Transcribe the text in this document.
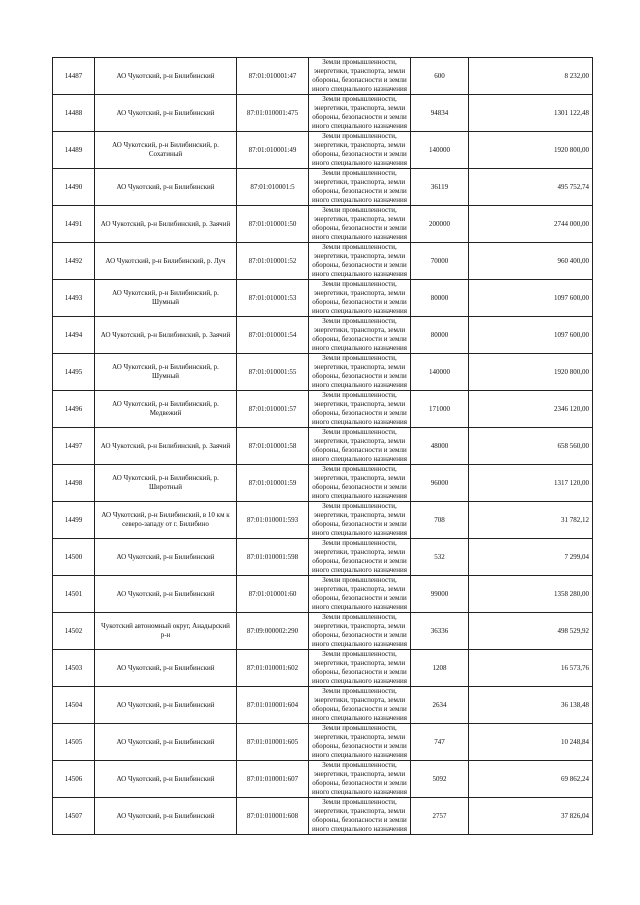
14487	АО Чукотский, р-н Билибинский	87:01:010001:47	Земли промышленности, энергетики, транспорта, земли обороны, безопасности и земли иного специального назначения	600	8 232,00
14488	АО Чукотский, р-н Билибинский	87:01:010001:475	Земли промышленности, энергетики, транспорта, земли обороны, безопасности и земли иного специального назначения	94834	1301 122,48
14489	АО Чукотский, р-н Билибинский, р. Сохатиный	87:01:010001:49	Земли промышленности, энергетики, транспорта, земли обороны, безопасности и земли иного специального назначения	140000	1920 800,00
14490	АО Чукотский, р-н Билибинский	87:01:010001:5	Земли промышленности, энергетики, транспорта, земли обороны, безопасности и земли иного специального назначения	36119	495 752,74
14491	АО Чукотский, р-н Билибинский, р. Заячий	87:01:010001:50	Земли промышленности, энергетики, транспорта, земли обороны, безопасности и земли иного специального назначения	200000	2744 000,00
14492	АО Чукотский, р-н Билибинский, р. Луч	87:01:010001:52	Земли промышленности, энергетики, транспорта, земли обороны, безопасности и земли иного специального назначения	70000	960 400,00
14493	АО Чукотский, р-н Билибинский, р. Шумный	87:01:010001:53	Земли промышленности, энергетики, транспорта, земли обороны, безопасности и земли иного специального назначения	80000	1097 600,00
14494	АО Чукотский, р-н Билибинский, р. Заячий	87:01:010001:54	Земли промышленности, энергетики, транспорта, земли обороны, безопасности и земли иного специального назначения	80000	1097 600,00
14495	АО Чукотский, р-н Билибинский, р. Шумный	87:01:010001:55	Земли промышленности, энергетики, транспорта, земли обороны, безопасности и земли иного специального назначения	140000	1920 800,00
14496	АО Чукотский, р-н Билибинский, р. Медвежий	87:01:010001:57	Земли промышленности, энергетики, транспорта, земли обороны, безопасности и земли иного специального назначения	171000	2346 120,00
14497	АО Чукотский, р-н Билибинский, р. Заячий	87:01:010001:58	Земли промышленности, энергетики, транспорта, земли обороны, безопасности и земли иного специального назначения	48000	658 560,00
14498	АО Чукотский, р-н Билибинский, р. Широтный	87:01:010001:59	Земли промышленности, энергетики, транспорта, земли обороны, безопасности и земли иного специального назначения	96000	1317 120,00
14499	АО Чукотский, р-н Билибинский, в 10 км к северо-западу от г. Билибино	87:01:010001:593	Земли промышленности, энергетики, транспорта, земли обороны, безопасности и земли иного специального назначения	708	31 782,12
14500	АО Чукотский, р-н Билибинский	87:01:010001:598	Земли промышленности, энергетики, транспорта, земли обороны, безопасности и земли иного специального назначения	532	7 299,04
14501	АО Чукотский, р-н Билибинский	87:01:010001:60	Земли промышленности, энергетики, транспорта, земли обороны, безопасности и земли иного специального назначения	99000	1358 280,00
14502	Чукотский автономный округ, Анадырский р-н	87:09:000002:290	Земли промышленности, энергетики, транспорта, земли обороны, безопасности и земли иного специального назначения	36336	498 529,92
14503	АО Чукотский, р-н Билибинский	87:01:010001:602	Земли промышленности, энергетики, транспорта, земли обороны, безопасности и земли иного специального назначения	1208	16 573,76
14504	АО Чукотский, р-н Билибинский	87:01:010001:604	Земли промышленности, энергетики, транспорта, земли обороны, безопасности и земли иного специального назначения	2634	36 138,48
14505	АО Чукотский, р-н Билибинский	87:01:010001:605	Земли промышленности, энергетики, транспорта, земли обороны, безопасности и земли иного специального назначения	747	10 248,84
14506	АО Чукотский, р-н Билибинский	87:01:010001:607	Земли промышленности, энергетики, транспорта, земли обороны, безопасности и земли иного специального назначения	5092	69 862,24
14507	АО Чукотский, р-н Билибинский	87:01:010001:608	Земли промышленности, энергетики, транспорта, земли обороны, безопасности и земли иного специального назначения	2757	37 826,04
